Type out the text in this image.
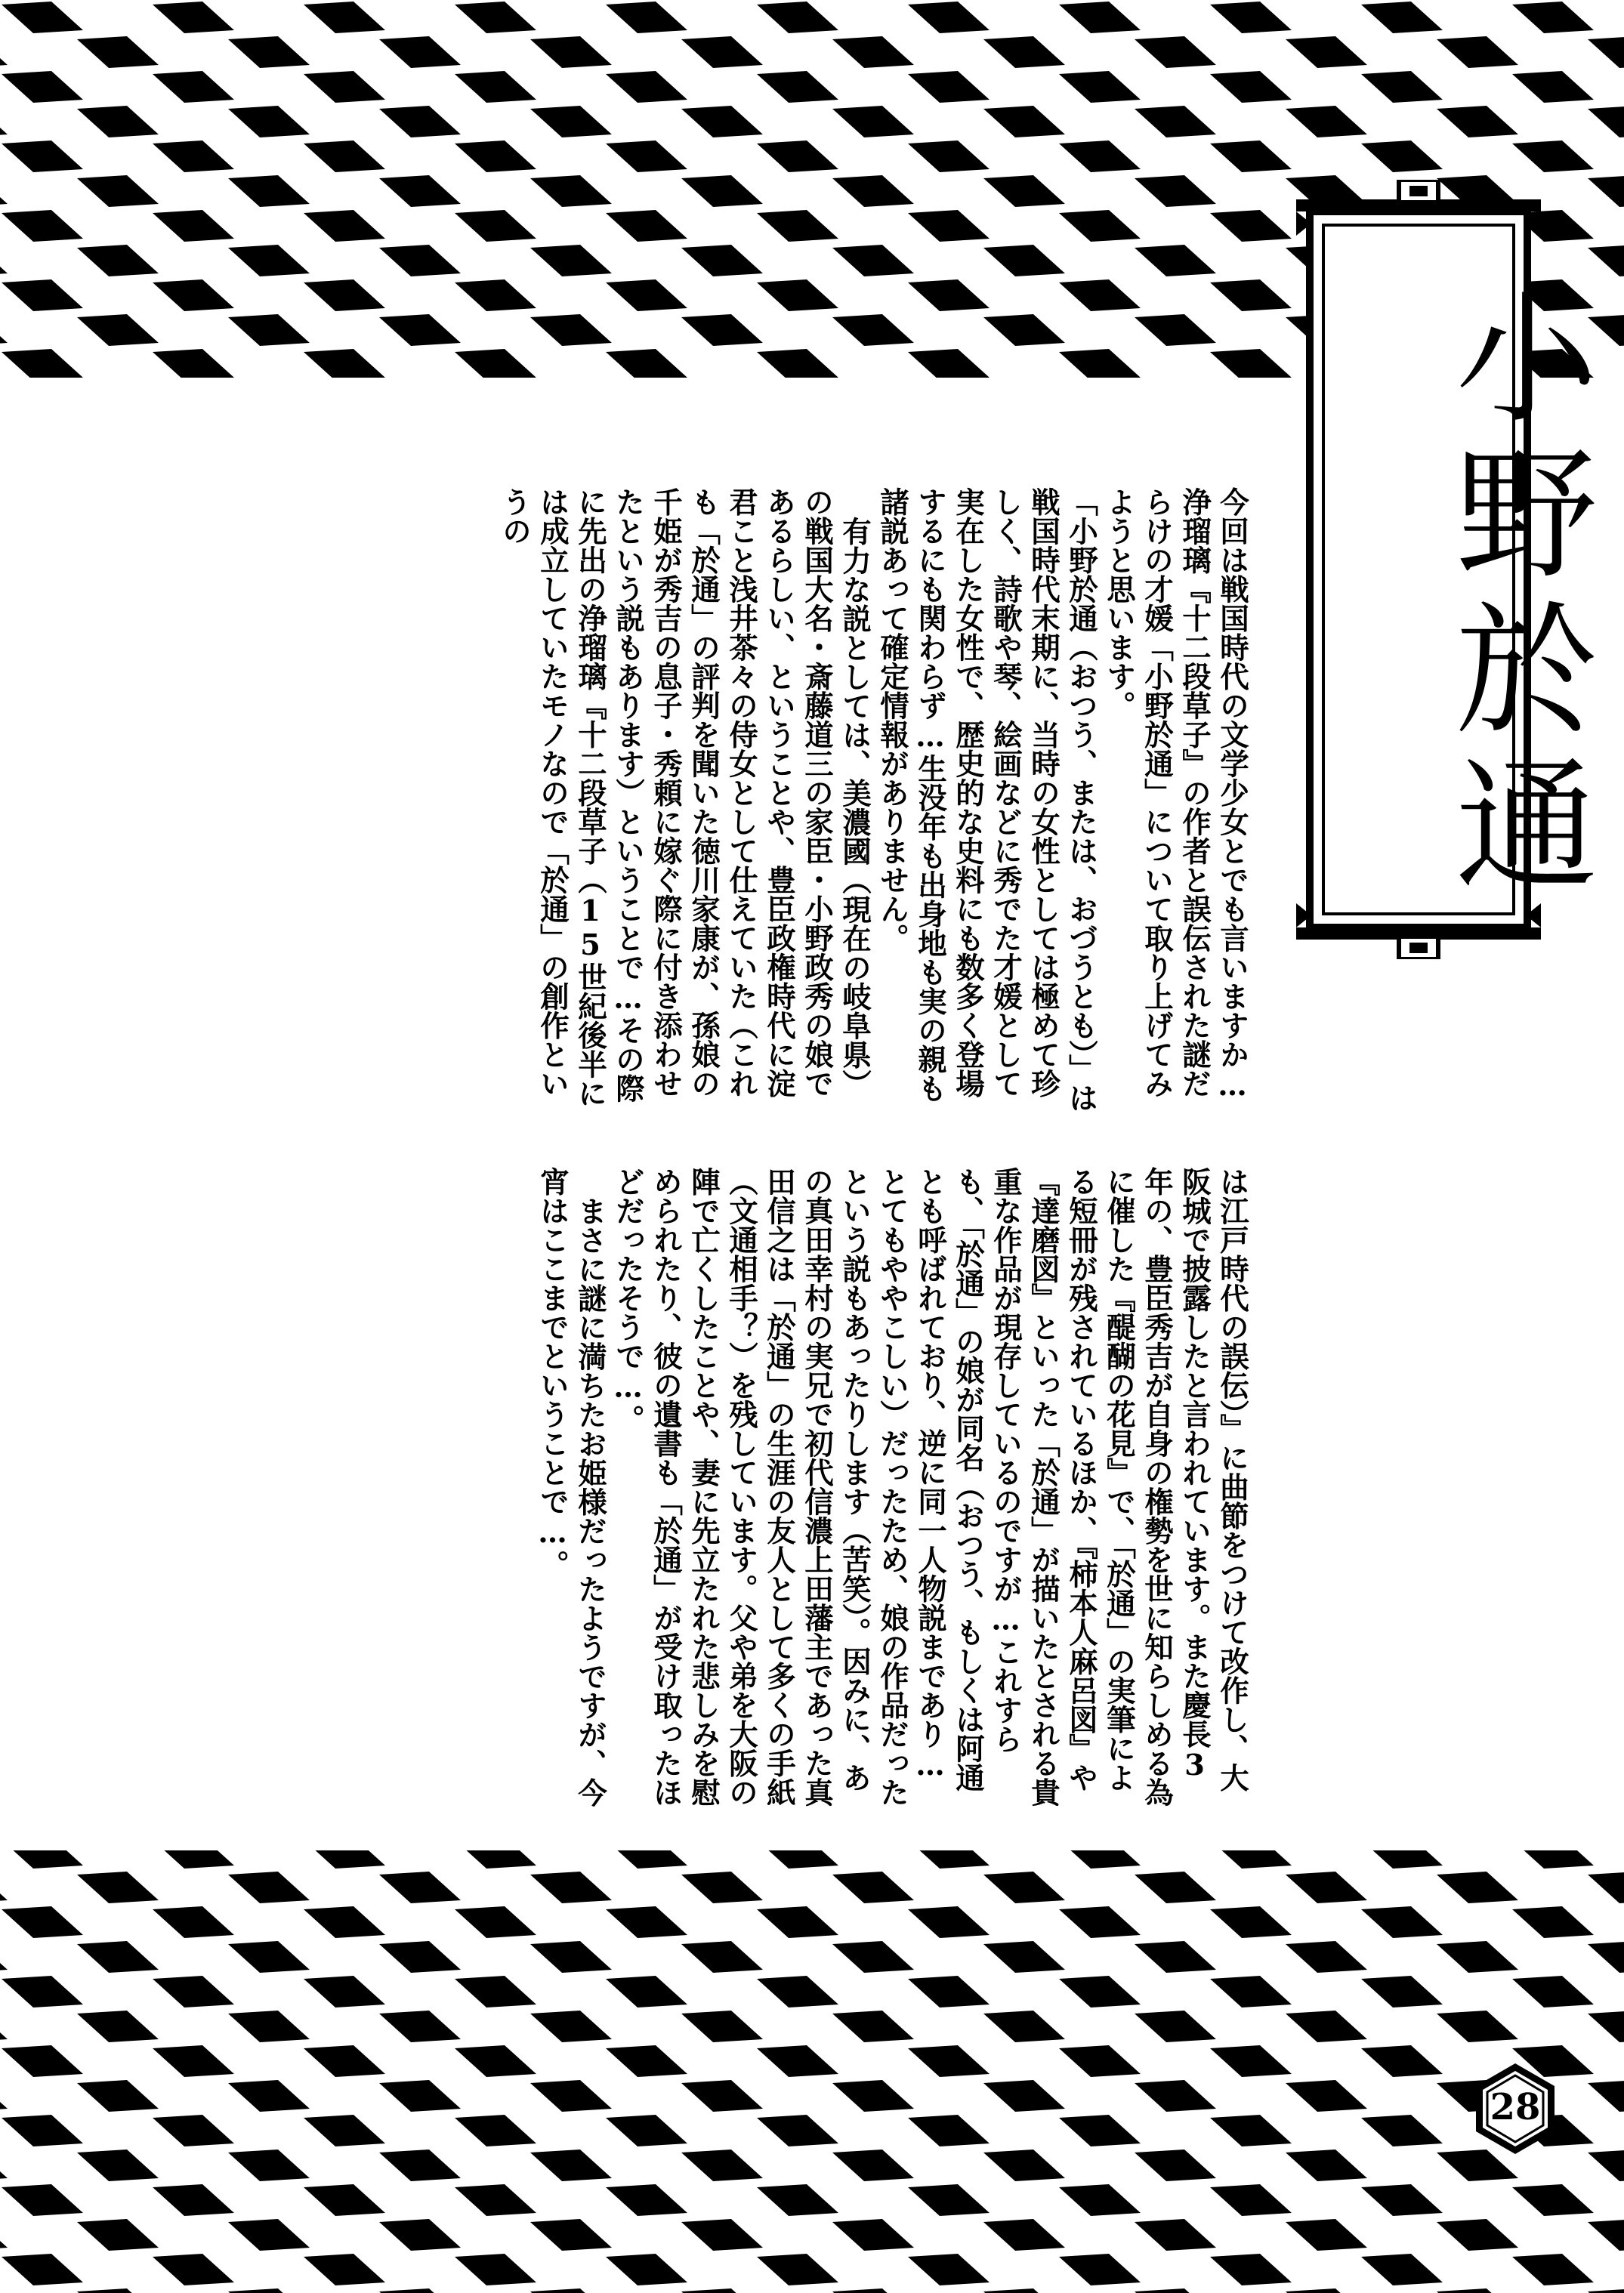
小野於通

今回は戦国時代の文学少女とでも言いますか…浄瑠璃『十二段草子』の作者と誤伝された謎だらけの才媛「小野於通」について取り上げてみようと思います。

「小野於通（おつう、または、おづうとも）」は戦国時代末期に、当時の女性としては極めて珍しく、詩歌や琴、絵画などに秀でた才媛として実在した女性で、歴史的な史料にも数多く登場するにも関わらず…生没年も出身地も実の親も諸説あって確定情報がありません。

有力な説としては、美濃國（現在の岐阜県）の戦国大名・斎藤道三の家臣・小野政秀の娘であるらしい、ということや、豊臣政権時代に淀君こと浅井茶々の侍女として仕えていた（これも「於通」の評判を聞いた徳川家康が、孫娘の千姫が秀吉の息子・秀頼に嫁ぐ際に付き添わせたという説もあります）ということで…その際に先出の浄瑠璃『十二段草子（15世紀後半には成立していたモノなので「於通」の創作というの

は江戸時代の誤伝）』に曲節をつけて改作し、大阪城で披露したと言われています。また慶長3年の、豊臣秀吉が自身の権勢を世に知らしめる為に催した『醍醐の花見』で、「於通」の実筆による短冊が残されているほか、『柿本人麻呂図』や『達磨図』といった「於通」が描いたとされる貴重な作品が現存しているのですが…これすらも、「於通」の娘が同名（おつう、もしくは阿通とも呼ばれており、逆に同一人物説まであり…とてもややこしい）だったため、娘の作品だったという説もあったりします（苦笑）。因みに、あの真田幸村の実兄で初代信濃上田藩主であった真田信之は「於通」の生涯の友人として多くの手紙（文通相手？）を残しています。父や弟を大阪の陣で亡くしたことや、妻に先立たれた悲しみを慰められたり、彼の遺書も「於通」が受け取ったほどだったそうで…。

まさに謎に満ちたお姫様だったようですが、今宵はここまでということで…。

28
